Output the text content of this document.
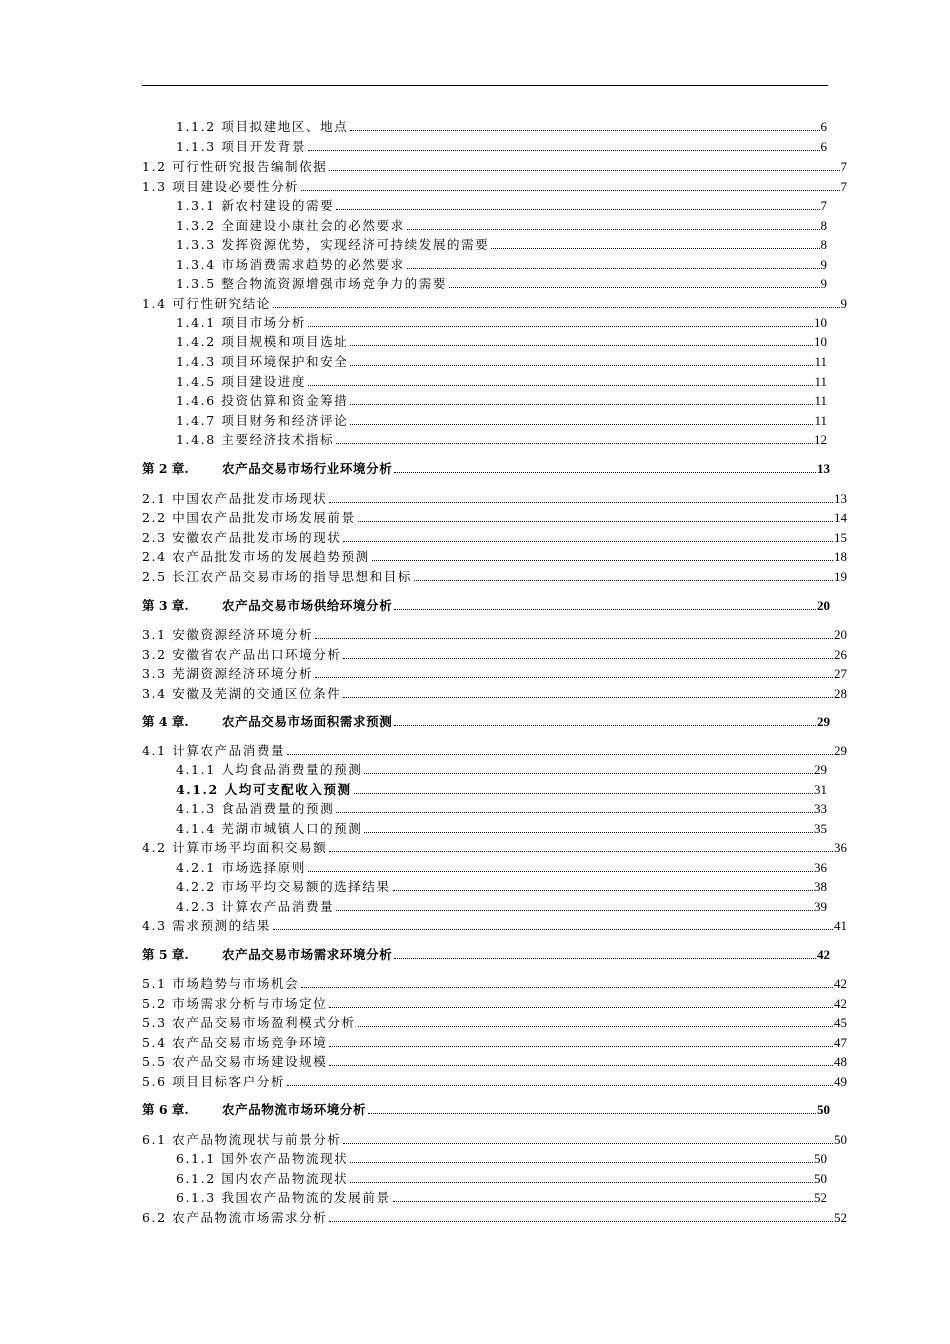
1.1.2 项目拟建地区、地点	6
1.1.3 项目开发背景	6
1.2 可行性研究报告编制依据	7
1.3 项目建设必要性分析	7
1.3.1 新农村建设的需要	7
1.3.2 全面建设小康社会的必然要求	8
1.3.3 发挥资源优势，实现经济可持续发展的需要	8
1.3.4 市场消费需求趋势的必然要求	9
1.3.5 整合物流资源增强市场竞争力的需要	9
1.4 可行性研究结论	9
1.4.1 项目市场分析	10
1.4.2 项目规模和项目选址	10
1.4.3 项目环境保护和安全	11
1.4.5 项目建设进度	11
1.4.6 投资估算和资金筹措	11
1.4.7 项目财务和经济评论	11
1.4.8 主要经济技术指标	12
第 2 章.	农产品交易市场行业环境分析	13
2.1 中国农产品批发市场现状	13
2.2 中国农产品批发市场发展前景	14
2.3 安徽农产品批发市场的现状	15
2.4 农产品批发市场的发展趋势预测	18
2.5 长江农产品交易市场的指导思想和目标	19
第 3 章.	农产品交易市场供给环境分析	20
3.1 安徽资源经济环境分析	20
3.2 安徽省农产品出口环境分析	26
3.3 芜湖资源经济环境分析	27
3.4 安徽及芜湖的交通区位条件	28
第 4 章.	农产品交易市场面积需求预测	29
4.1 计算农产品消费量	29
4.1.1 人均食品消费量的预测	29
4.1.2 人均可支配收入预测	31
4.1.3 食品消费量的预测	33
4.1.4 芜湖市城镇人口的预测	35
4.2 计算市场平均面积交易额	36
4.2.1 市场选择原则	36
4.2.2 市场平均交易额的选择结果	38
4.2.3 计算农产品消费量	39
4.3 需求预测的结果	41
第 5 章.	农产品交易市场需求环境分析	42
5.1 市场趋势与市场机会	42
5.2 市场需求分析与市场定位	42
5.3 农产品交易市场盈利模式分析	45
5.4 农产品交易市场竞争环境	47
5.5 农产品交易市场建设规模	48
5.6 项目目标客户分析	49
第 6 章.	农产品物流市场环境分析	50
6.1 农产品物流现状与前景分析	50
6.1.1 国外农产品物流现状	50
6.1.2 国内农产品物流现状	50
6.1.3 我国农产品物流的发展前景	52
6.2 农产品物流市场需求分析	52
